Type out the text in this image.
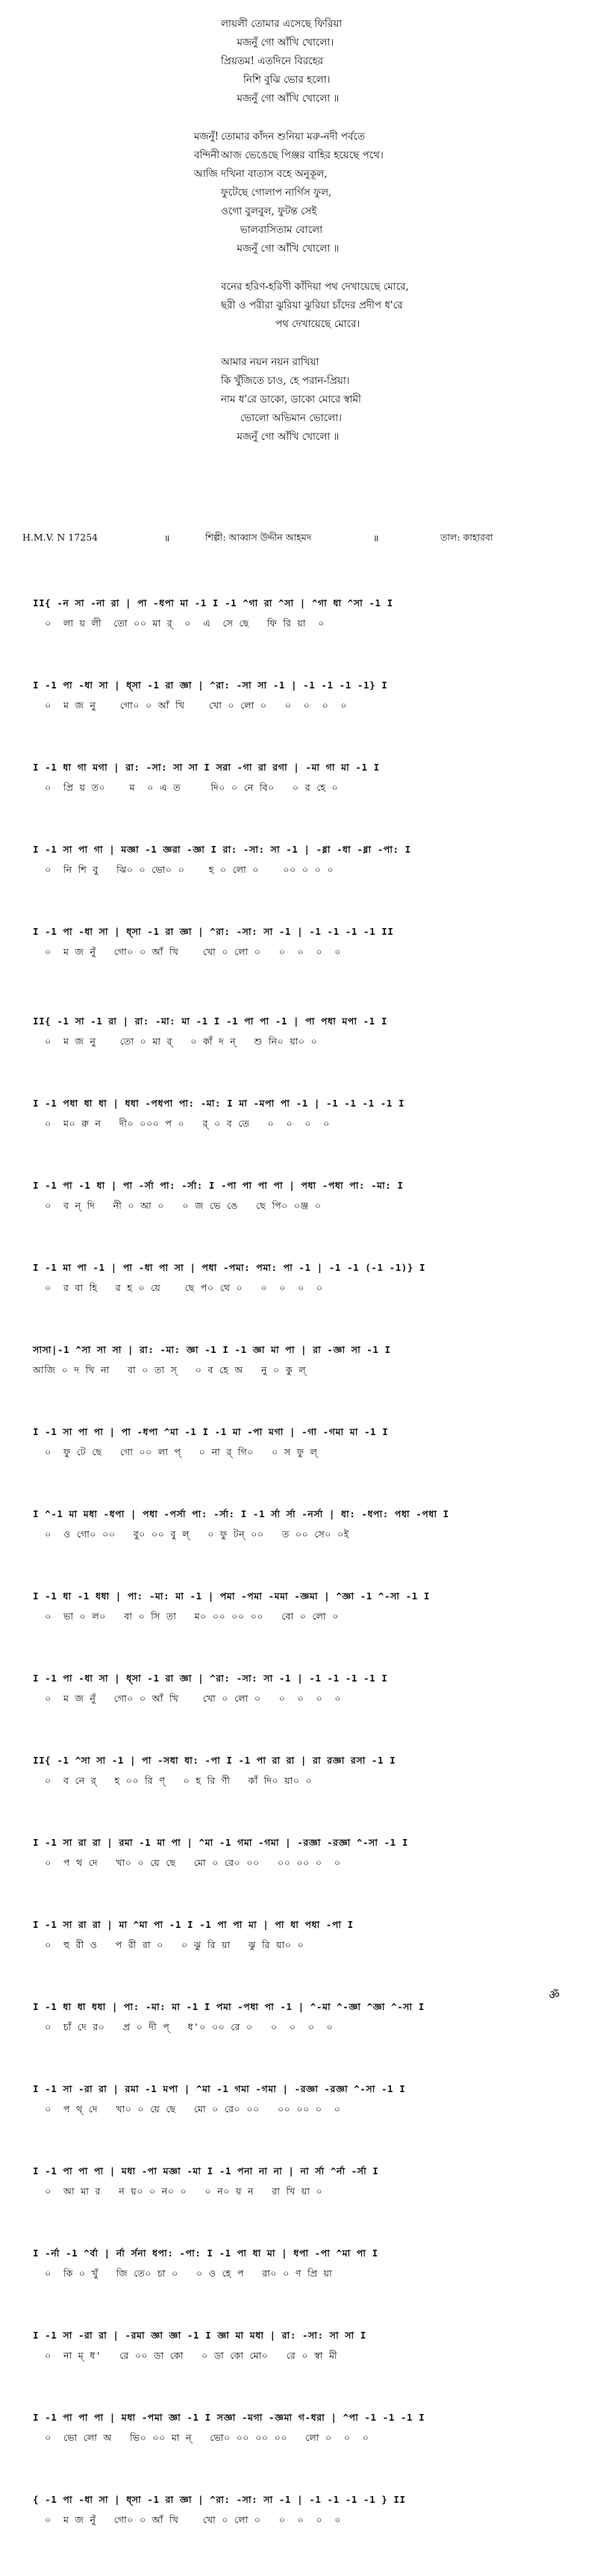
লায়লী তোমার এসেছে ফিরিয়া
মজনুঁ গো আঁখি খোলো।
প্রিয়তম! এতদিনে বিরহের
নিশি বুঝি ভোর হলো।
মজনুঁ গো আঁখি খোলো ॥
মজনুঁ! তোমার কাঁদন শুনিয়া মরু-নদী পর্বতে
বন্দিনী আজ ভেঙেছে পিঞ্জর বাহির হয়েছে পথে।
আজি দখিনা বাতাস বহে অনুকূল,
ফুটেছে গোলাপ নার্গিস ফুল,
ওগো বুলবুল, ফুটন্ত সেই
ভালবাসিতাম বোলো
মজনুঁ গো আঁখি খোলো ॥
বনের হরিণ-হরিণী কাঁদিয়া পথ দেখায়েছে মোরে,
ছরী ও পরীরা ঝুরিয়া ঝুরিয়া চাঁদের প্রদীপ ধ'রে
পথ দেখায়েছে মোরে।
আমার নয়ন নয়ন রাখিয়া
কি খুঁজিতে চাও, হে পরান-প্রিয়া।
নাম ধ'রে ডাকো, ডাকো মোরে স্বামী
ভোলো অভিমান ভোলো।
মজনুঁ গো আঁখি খোলো ॥
H.M.V. N 17254	॥	শিল্পী: আব্বাস উদ্দীন আহমদ	॥	তাল: কাহারবা
II{ -ন সা -না রা | পা -ধপা মা -1 I -1 ^গা রা ^সা | ^গা ধা ^সা -1 I
০  লা য় লী  তো ০০ মা র্  ০  এ  সে ছে   ফি রি য়া  ০
I -1 পা -ধা সা | ধ্সা -1 রা জ্ঞা | ^রা: -সা সা -1 | -1 -1 -1 -1} I
০  ম জ নু    গো০ ০ আঁ খি    খো ০ লো ০   ০  ০  ০  ০
I -1 ধা গা মগা | রা: -সা: সা সা I সরা -গা রা রগা | -মা গা মা -1 I
০  প্রি য় ত০    ম  ০ এ ত     দি০ ০ নে বি০   ০ র হে ০
I -1 সা পা গা | মজ্ঞা -1 জ্ঞরা -জ্ঞা I রা: -সা: সা -1 | -ধ্না -ধা -ধ্না -পা: I
০  নি শি বু   ঝি০ ০ ভো০ ০    হ ০ লো ০    ০০ ০ ০ ০
I -1 পা -ধা সা | ধ্সা -1 রা জ্ঞা | ^রা: -সা: সা -1 | -1 -1 -1 -1 II
০  ম জ নুঁ   গো০ ০ আঁ খি    খো ০ লো ০   ০  ০  ০  ০
II{ -1 সা -1 রা | রা: -মা: মা -1 I -1 পা পা -1 | পা পধা মপা -1 I
০  ম জ নু    তো ০ মা র্   ০ কাঁ দ ন্   শু নি০ য়া০ ০
I -1 পধা ধা ধা | ধধা -পধপা পা: -মা: I মা -মপা পা -1 | -1 -1 -1 -1 I
০  ম০ রু ন   দী০ ০০০ প ০   র্ ০ ব তে   ০  ০  ০  ০
I -1 পা -1 ধা | পা -র্সা পা: -র্সা: I -পা পা পা পা | পধা -পধা পা: -মা: I
০  ব ন্ দি   নী ০ আ ০   ০ জ ভে ঙে   ছে পি০ ০ঞ্জ ০
I -1 মা পা -1 | পা -ধা পা সা | পধা -পমা: পমা: পা -1 | -1 -1 (-1 -1)} I
০  র বা হি   র হ ০ য়ে    ছে প০ থে ০   ০  ০  ০  ০
সাসা|-1 ^সা সা সা | রা: -মা: জ্ঞা -1 I -1 জ্ঞা মা পা | রা -জ্ঞা সা -1 I
আজি ০ দ খি না   বা ০ তা স্   ০ ব হে অ   নু ০ কু ল্
I -1 সা পা পা | পা -ধপা ^মা -1 I -1 মা -পা মগা | -গা -গমা মা -1 I
০  ফু টে ছে   গো ০০ লা প্   ০ না র্ গি০   ০ স ফু ল্
I ^-1 মা মধা -ধপা | পধা -পর্সা পা: -র্সা: I -1 র্সা র্সা -নর্সা | ধা: -ধপা: পধা -পধা I
০  ও গো০ ০০   বু০ ০০ বু ল্   ০ ফু টন্ ০০   ত ০০ সে০ ০ই
I -1 ধা -1 ধধা | পা: -মা: মা -1 | পমা -পমা -মমা -জ্ঞমা | ^জ্ঞা -1 ^-সা -1 I
০  ভা ০ ল০   বা ০ সি তা   ম০ ০০ ০০ ০০   বো ০ লো ০
I -1 পা -ধা সা | ধ্সা -1 রা জ্ঞা | ^রা: -সা: সা -1 | -1 -1 -1 -1 I
০  ম জ নুঁ   গো০ ০ আঁ খি    খো ০ লো ০   ০  ০  ০  ০
II{ -1 ^সা সা -1 | পা -সধা ধা: -পা I -1 পা রা রা | রা রজ্ঞা রসা -1 I
০  ব নে র্   হ ০০ রি ণ্   ০ হ রি ণী   কাঁ দি০ য়া০ ০
I -1 সা রা রা | রমা -1 মা পা | ^মা -1 গমা -গমা | -রজ্ঞা -রজ্ঞা ^-সা -1 I
০  প থ দে   খা০ ০ য়ে ছে   মো ০ রে০ ০০   ০০ ০০ ০  ০
I -1 সা রা রা | মা ^মা পা -1 I -1 পা পা মা | পা ধা পধা -পা I
০  হু রী ও   প রী রা ০   ০ ঝু রি য়া   ঝু রি য়া০ ০
I -1 ধা ধা ধধা | পা: -মা: মা -1 I পমা -পধা পা -1 | ^-মা ^-জ্ঞা ^জ্ঞা ^-সা I
০  চাঁ দে র০   প্র ০ দী প্   ধ'০ ০০ রে ০   ০  ০  ০  ০
ॐ
I -1 সা -রা রা | রমা -1 মপা | ^মা -1 গমা -গমা | -রজ্ঞা -রজ্ঞা ^-সা -1 I
০  প থ্ দে   খা০ ০ য়ে ছে   মো ০ রে০ ০০   ০০ ০০ ০  ০
I -1 পা পা পা | মধা -পা মজ্ঞা -মা I -1 পনা না না | না র্সা ^র্না -র্সা I
০  আ মা র   ন য়০ ০ ন০ ০   ০ ন০ য় ন   রা খি য়া ০
I -র্না -1 ^র্বা | র্না র্সনা ধপা: -পা: I -1 পা ধা মা | ধপা -পা ^মা পা I
০  কি ০ খুঁ   জি তে০ চা ০   ০ ও হে প   রা০ ০ ণ প্রি য়া
I -1 সা -রা রা | -রমা জ্ঞা জ্ঞা -1 I জ্ঞা মা মধা | রা: -সা: সা সা I
০  না ম্ ধ'   রে ০০ ডা কো   ০ ডা কো মো০   রে ০ স্বা মী
I -1 পা পা পা | মধা -পমা জ্ঞা -1 I সজ্ঞা -মগা -জ্ঞমা গ-ধরা | ^পা -1 -1 -1 I
০  ভো লো অ   ভি০ ০০ মা ন্   ভো০ ০০ ০০ ০০   লো ০  ০  ০
{ -1 পা -ধা সা | ধ্সা -1 রা জ্ঞা | ^রা: -সা: সা -1 | -1 -1 -1 -1 } II
০  ম জ নুঁ   গো০ ০ আঁ খি    খো ০ লো ০   ০  ০  ০  ০
